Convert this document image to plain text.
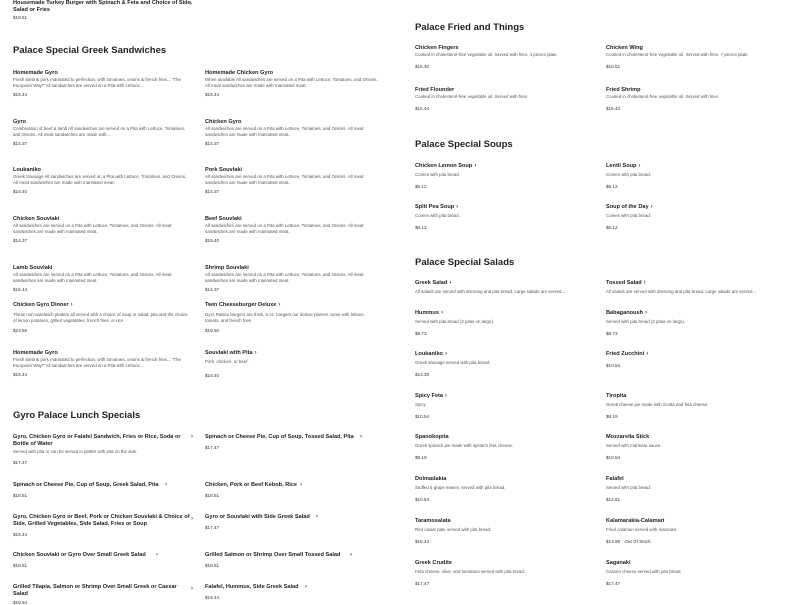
Housemade Turkey Burger with Spinach & Feta and Choice of Side Salad or Fries
$18.51
›
Palace Special Greek Sandwiches
Homemade Gyro
Fresh lamb & pork marinated to perfection, with tomatoes, onions & french fries... "The European Way!" All sandwiches are served on a Pita with Lettuce...
$16.44
Homemade Chicken Gyro
When available All sandwiches are served on a Pita with Lettuce, Tomatoes, and Onions. All meat sandwiches are made with marinated meat.
$16.44
Gyro
Combination of beef & lamb All sandwiches are served on a Pita with Lettuce, Tomatoes, and Onions. All meat sandwiches are made with...
$14.37
Chicken Gyro
All sandwiches are served on a Pita with Lettuce, Tomatoes, and Onions. All meat sandwiches are made with marinated meat.
$14.37
Loukaniko
Greek Sausage All sandwiches are served on a Pita with Lettuce, Tomatoes, and Onions. All meat sandwiches are made with marinated meat.
$15.40
Pork Souvlaki
All sandwiches are served on a Pita with Lettuce, Tomatoes, and Onions. All meat sandwiches are made with marinated meat.
$14.37
Chicken Souvlaki
All sandwiches are served on a Pita with Lettuce, Tomatoes, and Onions. All meat sandwiches are made with marinated meat.
$14.37
Beef Souvlaki
All sandwiches are served on a Pita with Lettuce, Tomatoes, and Onions. All meat sandwiches are made with marinated meat.
$15.40
Lamb Souvlaki
All sandwiches are served on a Pita with Lettuce, Tomatoes, and Onions. All meat sandwiches are made with marinated meat.
$16.44
Shrimp Souvlaki
All sandwiches are served on a Pita with Lettuce, Tomatoes, and Onions. All meat sandwiches are made with marinated meat.
$14.37
Chicken Gyro Dinner ›
These non-sandwich platters all served with a choice of soup or salad, pita and the choice of lemon potatoes, grilled vegetables, french fries, or rice
$23.66
Twin Cheeseburger Deluxe ›
Gyro Palace burgers are thick, 6 oz. burgers our deluxe planers come with lettuce, tomato, and french fries
$19.60
Homemade Gyro
Fresh lamb & pork marinated to perfection, with tomatoes, onions & french fries... "The European Way!" All sandwiches are served on a Pita with Lettuce...
$16.44
Souvlaki with Pita ›
Pork, chicken, or beef.
$15.40
Gyro Palace Lunch Specials
Gyro, Chicken Gyro or Falafel Sandwich, Fries or Rice, Soda or Bottle of Water
Served with pita or can be served in platter with pita on the side.
$17.47
› Spinach or Cheese Pie, Cup of Soup, Tossed Salad, Pita
$17.47
›
Spinach or Cheese Pie, Cup of Soup, Greek Salad, Pita
$18.51
›	Chicken, Pork or Beef Kebob, Rice
$18.51
›
Gyro, Chicken Gyro or Beef, Pork or Chicken Souvlaki & Choice of Side, Grilled Vegetables, Side Salad, Fries or Soup
$16.44
› Gyro or Souvlaki with Side Greek Salad
$17.47
›
Chicken Souvlaki or Gyro Over Small Greek Salad
$18.51
›	Grilled Salmon or Shrimp Over Small Tossed Salad
$18.51
›
Grilled Tilapia, Salmon or Shrimp Over Small Greek or Caesar Salad
$19.54
› Falafel, Hummus, Side Greek Salad
$16.44
›
Palace Fried and Things
Chicken Fingers
Cooked in cholesterol-free vegetable oil. Served with fries. 4 pieces plate.
$15.40
Chicken Wing
Cooked in cholesterol-free vegetable oil. Served with fries. 7 pieces plate.
$18.51
Fried Flounder
Cooked in cholesterol-free vegetable oil. Served with fries.
$15.44
Fried Shrimp
Cooked in cholesterol-free vegetable oil. Served with fries.
$15.44
Palace Special Soups
Chicken Lemon Soup ›
Comes with pita bread.
$6.12
Lentil Soup ›
Comes with pita bread.
$6.12
Split Pea Soup ›
Comes with pita bread.
$6.12
Soup of the Day ›
Comes with pita bread.
$6.12
Palace Special Salads
Greek Salad ›
All salads are served with dressing and pita bread. Large salads are served...
Tossed Salad ›
All salads are served with dressing and pita bread. Large salads are served...
Hummus ›
Served with pita bread (2 pitas on large).
$8.73
Babaganoush ›
Served with pita bread (2 pitas on large).
$8.73
Loukaniko ›
Greek sausage served with pita bread.
$13.39
Fried Zucchini ›
$10.54
Spicy Feta ›
Spicy
$10.54
Tiropita
Greek cheese pie made with ricotta and feta cheese.
$9.19
Spanokopita
Greek spinach pie made with spinach feta cheese.
$9.19
Mozzarella Stick
Served with marinara sauce.
$10.54
Dolmadakia
Stuffed 6 grape leaves, served with pita bread.
$10.54
Falafel
Served with pita bread.
$12.61
Taramosalata
Red caviar pate served with pita bread.
$16.44
Kalamarakia-Calamari
Fried calamari served with marinara.
$13.95 Out Of Stock
Greek Crudite
Feta cheese, olive, and tomatoes served with pita bread.
$17.47
Saganaki
Casseri cheese served with pita bread.
$17.47
